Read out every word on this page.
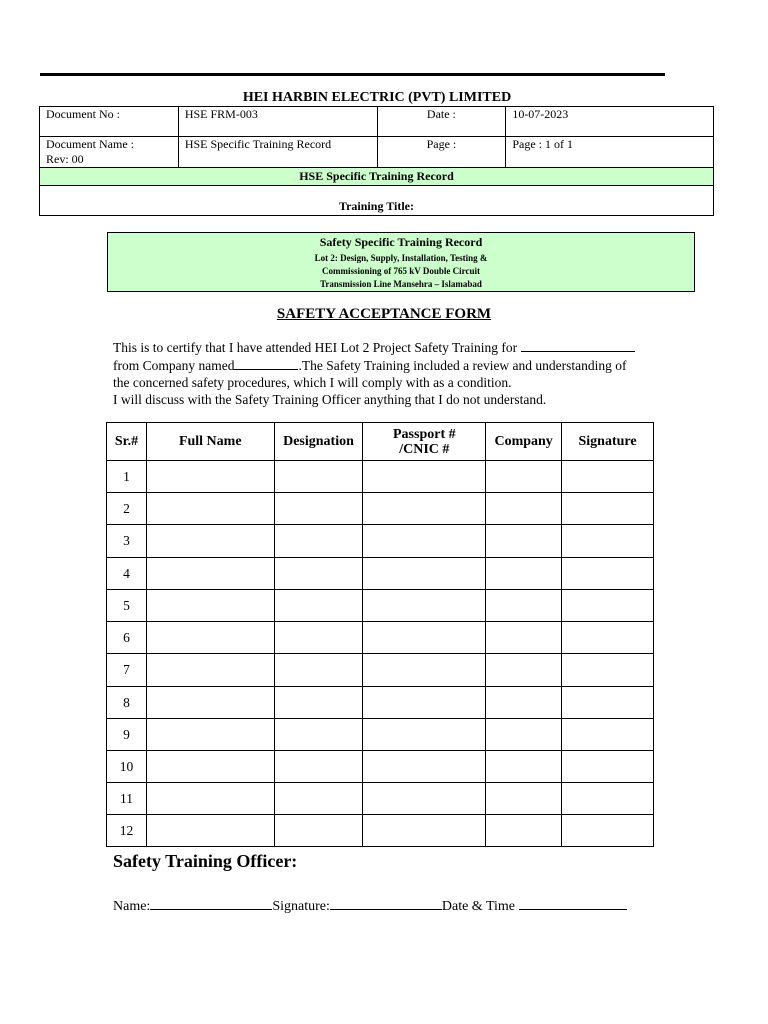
HEI HARBIN ELECTRIC (PVT) LIMITED
Document No :	HSE FRM-003	Date :	10-07-2023

Document Name :
Rev: 00	HSE Specific Training Record	Page :	Page : 1 of 1
HSE Specific Training Record			
Training Title:			
Safety Specific Training Record
Lot 2: Design, Supply, Installation, Testing &
Commissioning of 765 kV Double Circuit
Transmission Line Mansehra – Islamabad
SAFETY ACCEPTANCE FORM

This is to certify that I have attended HEI Lot 2 Project Safety Training for

from Company named	.The Safety Training included a review and understanding of

the concerned safety procedures, which I will comply with as a condition.

I will discuss with the Safety Training Officer anything that I do not understand.

Sr.#	Full Name	Designation	Passport #
/CNIC #	Company	Signature
1					
2					
3					
4					
5					
6					
7					
8					
9					
10					
11					
12					
Safety Training Officer:
Name:	Signature:	Date & Time
